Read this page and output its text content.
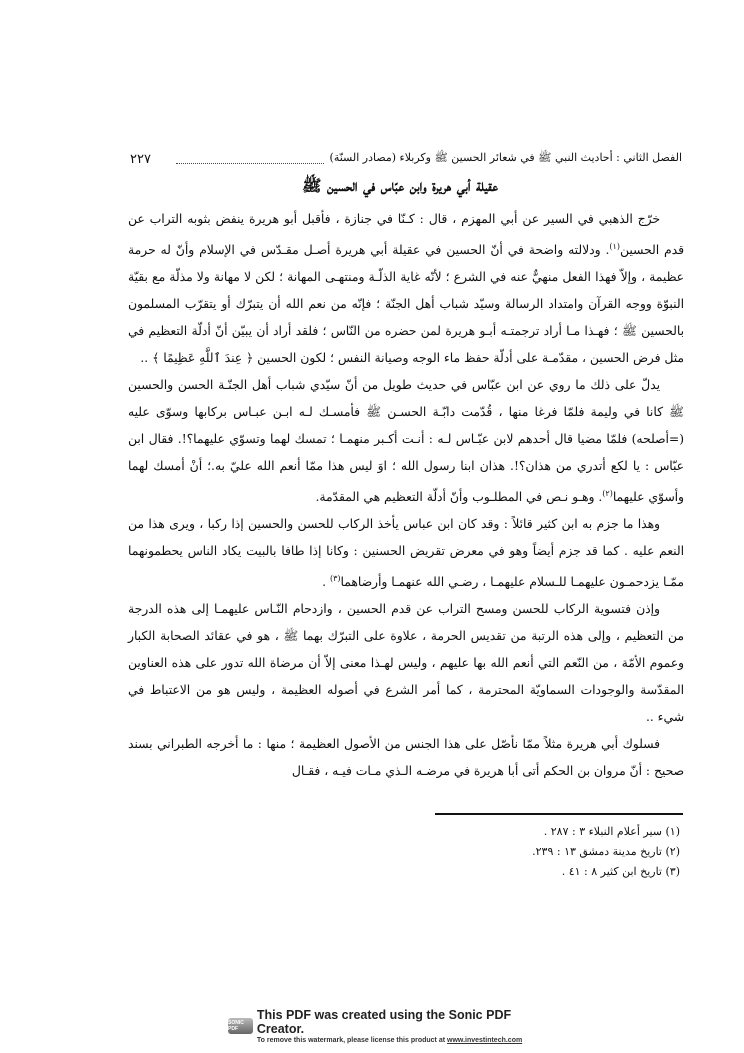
الفصل الثاني : أحاديث النبي ﷺ في شعائر الحسين ﷺ وكربلاء (مصادر السنّة)
٢٢٧
عقيلة أبي هريرة وابن عبّاس في الحسين ﷺ

خرّج الذهبي في السير عن أبي المهزم ، قال : كـنّا في جنازة ، فأقبل أبو هريرة ينفض بثوبه التراب عن قدم الحسين$^{(١)}$. ودلالته واضحة في أنّ الحسين في عقيلة أبي هريرة أصـل مقـدّس في الإسلام وأنّ له حرمة عظيمة ، وإلاّ فهذا الفعل منهيٌّ عنه في الشرع ؛ لأنّه غاية الذلّـة ومنتهـى المهانة ؛ لكن لا مهانة ولا مذلّة مع بقيّة النبوّة ووجه القرآن وامتداد الرسالة وسيّد شباب أهل الجنّة ؛ فإنّه من نعم الله أن يتبرّك أو يتقرّب المسلمون بالحسين ﷺ ؛ فهـذا مـا أراد ترجمتـه أبـو هريرة لمن حضره من النّاس ؛ فلقد أراد أن يبيّن أنّ أدلّة التعظيم في مثل فرض الحسين ، مقدّمـة على أدلّة حفظ ماء الوجه وصيانة النفس ؛ لكون الحسين ﴿ عِندَ ٱللَّهِ عَظِيمًا ﴾ ..

يدلّ على ذلك ما روي عن ابن عبّاس في حديث طويل من أنّ سيّدي شباب أهل الجنّـة الحسن والحسين ﷺ كانا في وليمة فلمّا فرغا منها ، قُدّمت دابّـة الحسـن ﷺ فأمسـك لـه ابـن عبـاس بركابها وسوّى عليه (=أصلحه) فلمّا مضيا قال أحدهم لابن عبّـاس لـه : أنـت أكـبر منهمـا ؛ تمسك لهما وتسوّي عليهما؟!. فقال ابن عبّاس : يا لكع أتدري من هذان؟!. هذان ابنا رسول الله ؛ اوَ ليس هذا ممّا أنعم الله عليّ به.؛ أنْ أمسك لهما وأسوّي عليهما$^{(٢)}$. وهـو نـص في المطلـوب وأنّ أدلّة التعظيم هي المقدّمة.

وهذا ما جزم به ابن كثير قائلاً : وقد كان ابن عباس يأخذ الركاب للحسن والحسين إذا ركبا ، ويرى هذا من النعم عليه . كما قد جزم أيضاً وهو في معرض تقريض الحسنين : وكانا إذا طافا بالبيت يكاد الناس يحطمونهما ممّـا يزدحمـون عليهمـا للـسلام عليهمـا ، رضـي الله عنهمـا وأرضاهما$^{(٣)}$ .

وإذن فتسوية الركاب للحسن ومسح التراب عن قدم الحسين ، وازدحام النّـاس عليهمـا إلى هذه الدرجة من التعظيم ، وإلى هذه الرتبة من تقديس الحرمة ، علاوة على التبرّك بهما ﷺ ، هو في عقائد الصحابة الكبار وعموم الأمّة ، من النّعم التي أنعم الله بها عليهم ، وليس لهـذا معنى إلاّ أن مرضاة الله تدور على هذه العناوين المقدّسة والوجودات السماويّة المحترمة ، كما أمر الشرع في أصوله العظيمة ، وليس هو من الاعتباط في شيء ..

فسلوك أبي هريرة مثلاً ممّا نأصّل على هذا الجنس من الأصول العظيمة ؛ منها : ما أخرجه الطبراني بسند صحيح : أنّ مروان بن الحكم أتى أبا هريرة في مرضـه الـذي مـات فيـه ، فقـال

(١) سير أعلام النبلاء ٣ : ٢٨٧ .

(٢) تاريخ مدينة دمشق ١٣ : ٢٣٩.

(٣) تاريخ ابن كثير ٨ : ٤١ .

SONIC PDF
This PDF was created using the Sonic PDF Creator.
To remove this watermark, please license this product at www.investintech.com
